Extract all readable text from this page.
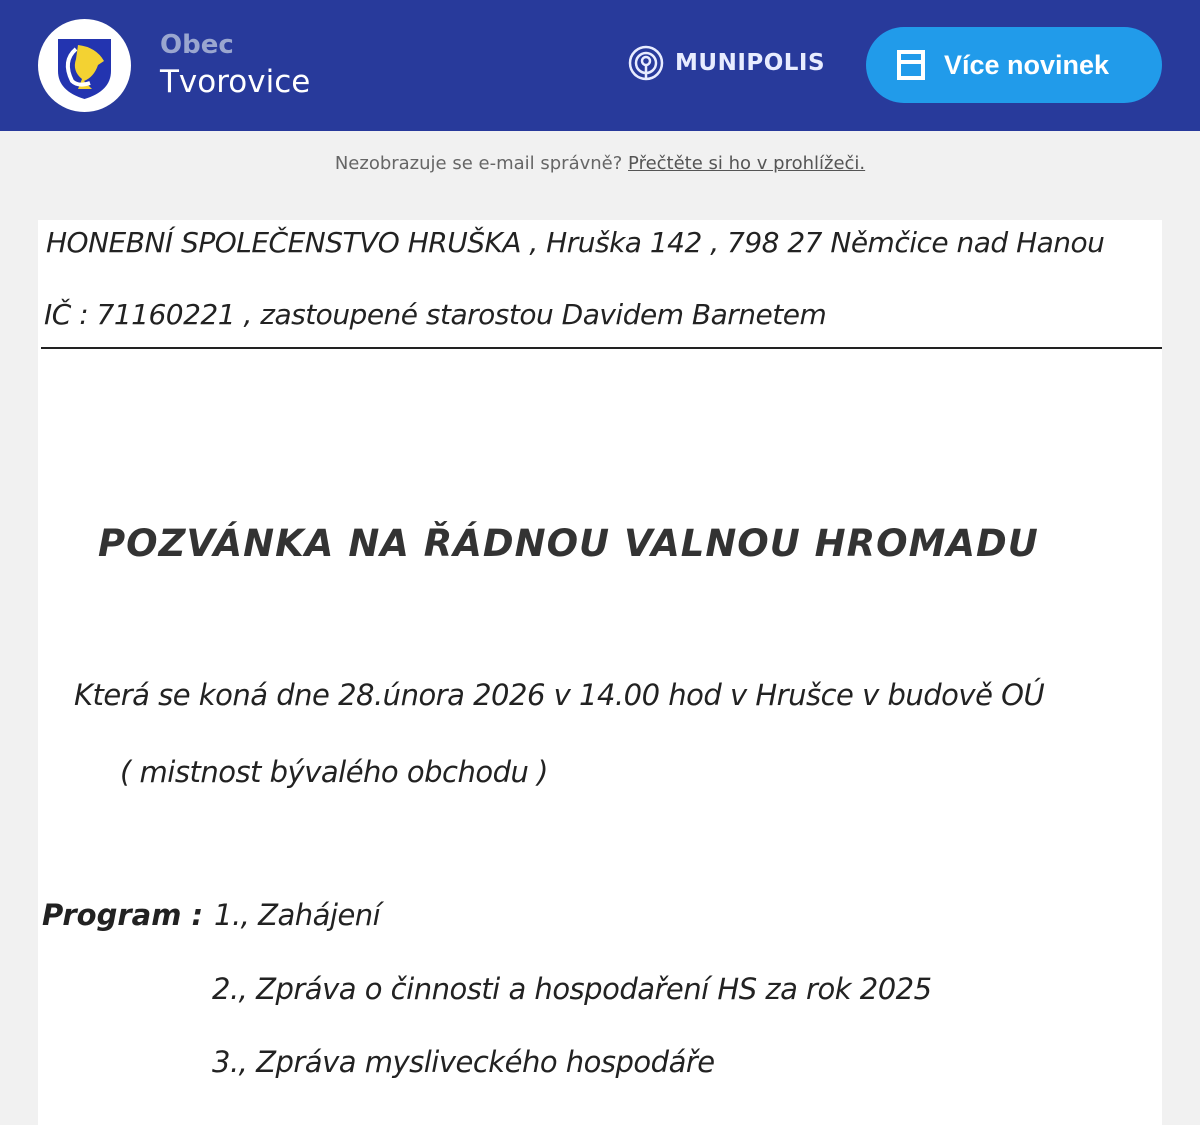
Obec
Tvorovice
MUNIPOLIS	Více novinek
Nezobrazuje se e-mail správně? Přečtěte si ho v prohlížeči.
HONEBNÍ SPOLEČENSTVO HRUŠKA , Hruška 142 , 798 27 Němčice nad Hanou
IČ : 71160221 , zastoupené starostou Davidem Barnetem
POZVÁNKA NA ŘÁDNOU VALNOU HROMADU
Která se koná dne 28.února 2026 v 14.00 hod v Hrušce v budově OÚ
( mistnost bývalého obchodu )
Program : 1., Zahájení
2., Zpráva o činnosti a hospodaření HS za rok 2025
3., Zpráva mysliveckého hospodáře
